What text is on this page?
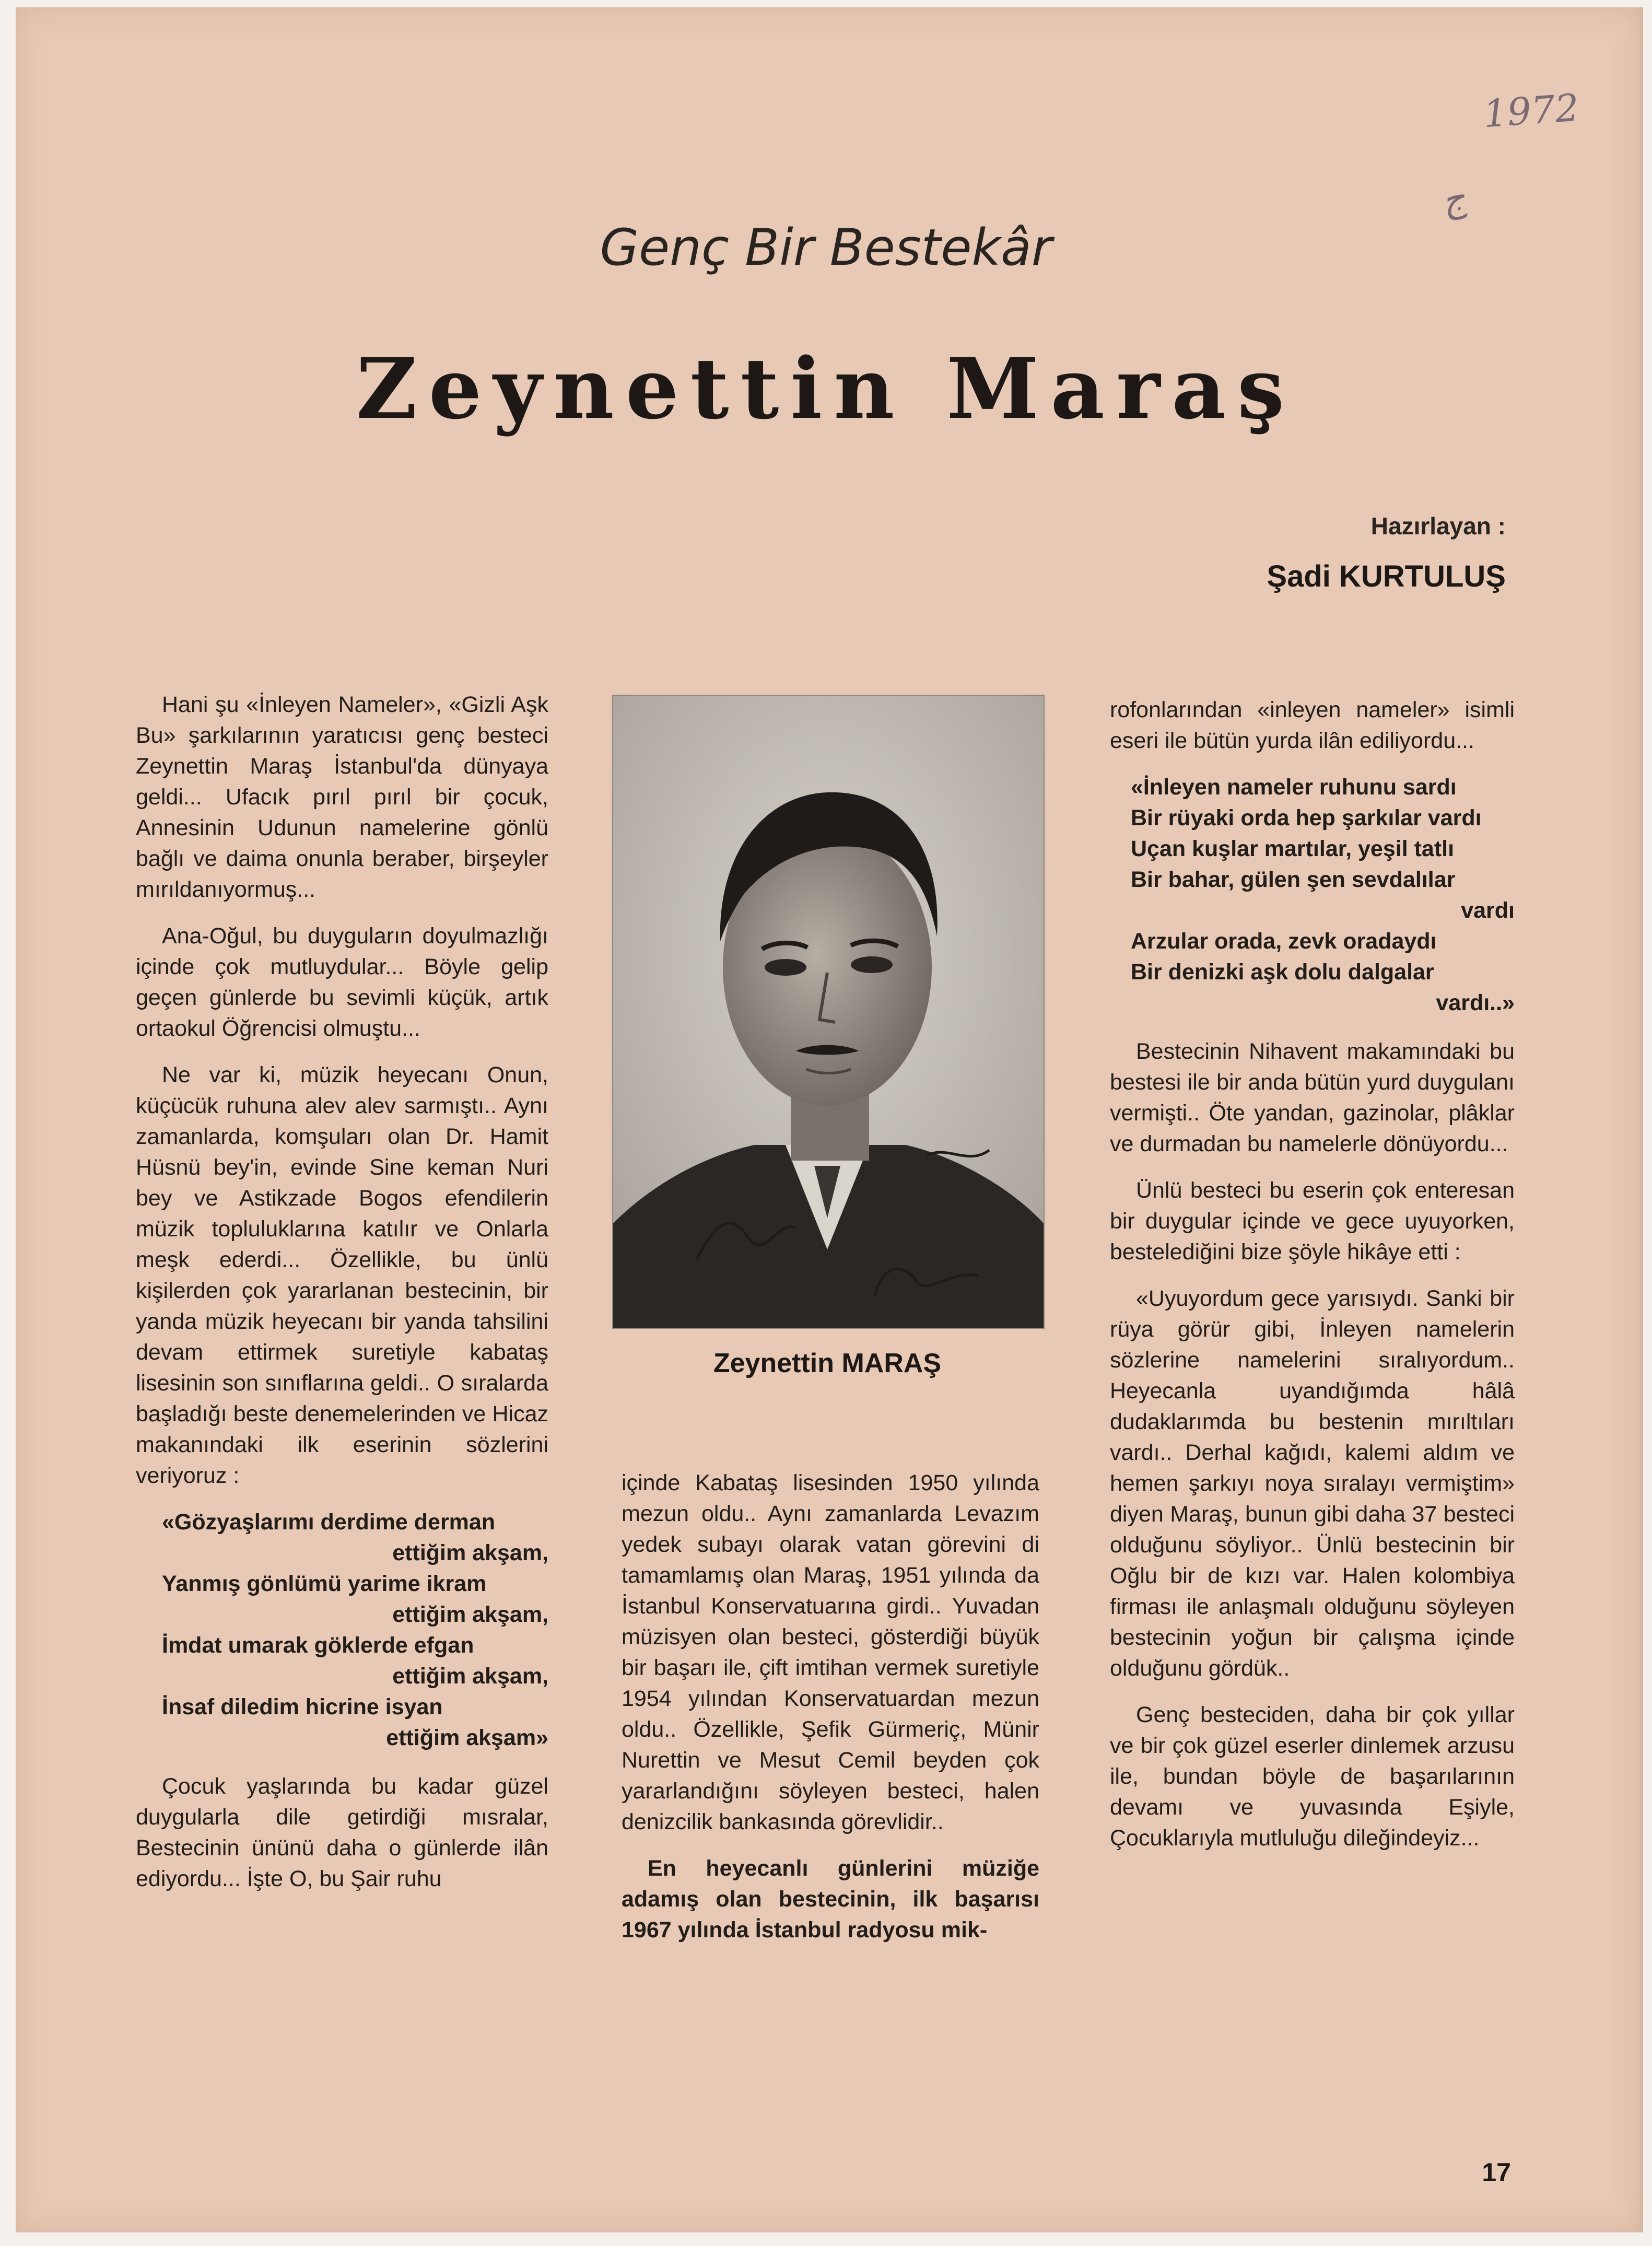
1972
ج
Genç Bir Bestekâr
Zeynettin Maraş
Hazırlayan :
Şadi KURTULUŞ

Hani şu «İnleyen Nameler», «Gizli Aşk Bu» şarkılarının yaratıcısı genç besteci Zeynettin Maraş İstanbul'da dünyaya geldi... Ufacık pırıl pırıl bir çocuk, Annesinin Udunun namelerine gönlü bağlı ve daima onunla beraber, birşeyler mırıldanıyormuş...

Ana-Oğul, bu duyguların doyulmazlığı içinde çok mutluydular... Böyle gelip geçen günlerde bu sevimli küçük, artık ortaokul Öğrencisi olmuştu...

Ne var ki, müzik heyecanı Onun, küçücük ruhuna alev alev sarmıştı.. Aynı zamanlarda, komşuları olan Dr. Hamit Hüsnü bey'in, evinde Sine keman Nuri bey ve Astikzade Bogos efendilerin müzik topluluklarına katılır ve Onlarla meşk ederdi... Özellikle, bu ünlü kişilerden çok yararlanan bestecinin, bir yanda müzik heyecanı bir yanda tahsilini devam ettirmek suretiyle kabataş lisesinin son sınıflarına geldi.. O sıralarda başladığı beste denemelerinden ve Hicaz makanındaki ilk eserinin sözlerini veriyoruz :

«Gözyaşlarımı derdime derman
ettiğim akşam,
Yanmış gönlümü yarime ikram
ettiğim akşam,
İmdat umarak göklerde efgan
ettiğim akşam,
İnsaf diledim hicrine isyan
ettiğim akşam»

Çocuk yaşlarında bu kadar güzel duygularla dile getirdiği mısralar, Bestecinin ününü daha o günlerde ilân ediyordu... İşte O, bu Şair ruhu

Zeynettin MARAŞ

içinde Kabataş lisesinden 1950 yılında mezun oldu.. Aynı zamanlarda Levazım yedek subayı olarak vatan görevini di tamamlamış olan Maraş, 1951 yılında da İstanbul Konservatuarına girdi.. Yuvadan müzisyen olan besteci, gösterdiği büyük bir başarı ile, çift imtihan vermek suretiyle 1954 yılından Konservatuardan mezun oldu.. Özellikle, Şefik Gürmeriç, Münir Nurettin ve Mesut Cemil beyden çok yararlandığını söyleyen besteci, halen denizcilik bankasında görevlidir..

En heyecanlı günlerini müziğe adamış olan bestecinin, ilk başarısı 1967 yılında İstanbul radyosu mik-

rofonlarından «inleyen nameler» isimli eseri ile bütün yurda ilân ediliyordu...

«İnleyen nameler ruhunu sardı
Bir rüyaki orda hep şarkılar vardı
Uçan kuşlar martılar, yeşil tatlı
Bir bahar, gülen şen sevdalılar
vardı
Arzular orada, zevk oradaydı
Bir denizki aşk dolu dalgalar
vardı..»

Bestecinin Nihavent makamındaki bu bestesi ile bir anda bütün yurd duygulanı vermişti.. Öte yandan, gazinolar, plâklar ve durmadan bu namelerle dönüyordu...

Ünlü besteci bu eserin çok enteresan bir duygular içinde ve gece uyuyorken, bestelediğini bize şöyle hikâye etti :

«Uyuyordum gece yarısıydı. Sanki bir rüya görür gibi, İnleyen namelerin sözlerine namelerini sıralıyordum.. Heyecanla uyandığımda hâlâ dudaklarımda bu bestenin mırıltıları vardı.. Derhal kağıdı, kalemi aldım ve hemen şarkıyı noya sıralayı vermiştim» diyen Maraş, bunun gibi daha 37 besteci olduğunu söyliyor.. Ünlü bestecinin bir Oğlu bir de kızı var. Halen kolombiya firması ile anlaşmalı olduğunu söyleyen bestecinin yoğun bir çalışma içinde olduğunu gördük..

Genç besteciden, daha bir çok yıllar ve bir çok güzel eserler dinlemek arzusu ile, bundan böyle de başarılarının devamı ve yuvasında Eşiyle, Çocuklarıyla mutluluğu dileğindeyiz...

17
